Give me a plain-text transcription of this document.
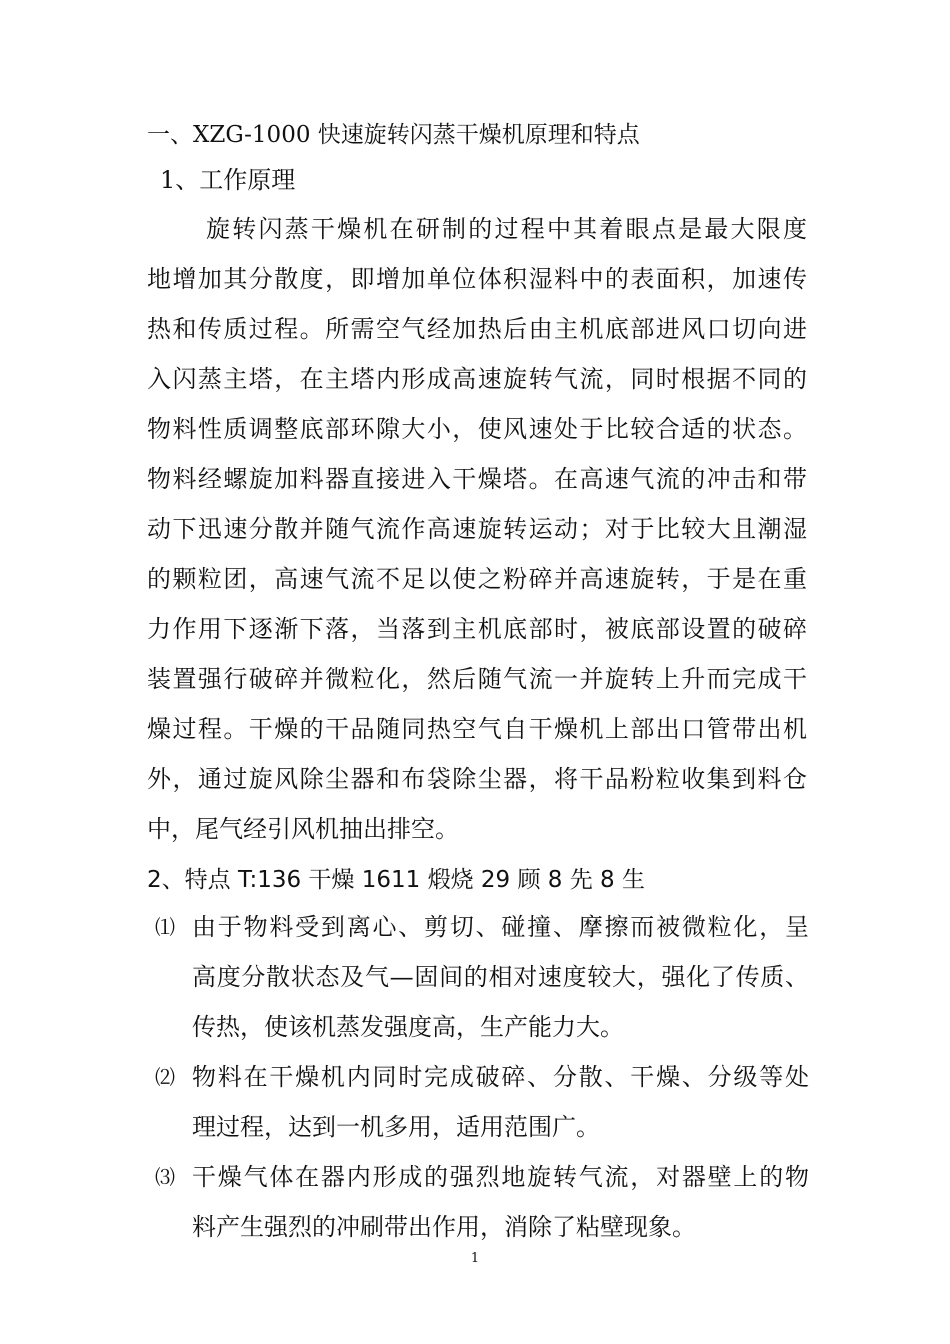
一、XZG-1000 快速旋转闪蒸干燥机原理和特点
1、工作原理
旋转闪蒸干燥机在研制的过程中其着眼点是最大限度
地增加其分散度，即增加单位体积湿料中的表面积，加速传
热和传质过程。所需空气经加热后由主机底部进风口切向进
入闪蒸主塔，在主塔内形成高速旋转气流，同时根据不同的
物料性质调整底部环隙大小，使风速处于比较合适的状态。
物料经螺旋加料器直接进入干燥塔。在高速气流的冲击和带
动下迅速分散并随气流作高速旋转运动；对于比较大且潮湿
的颗粒团，高速气流不足以使之粉碎并高速旋转，于是在重
力作用下逐渐下落，当落到主机底部时，被底部设置的破碎
装置强行破碎并微粒化，然后随气流一并旋转上升而完成干
燥过程。干燥的干品随同热空气自干燥机上部出口管带出机
外，通过旋风除尘器和布袋除尘器，将干品粉粒收集到料仓
中，尾气经引风机抽出排空。
2、特点 T:136 干燥 1611 煅烧 29 顾 8 先 8 生
⑴ 由于物料受到离心、剪切、碰撞、摩擦而被微粒化，呈
高度分散状态及气—固间的相对速度较大，强化了传质、
传热，使该机蒸发强度高，生产能力大。
⑵ 物料在干燥机内同时完成破碎、分散、干燥、分级等处
理过程，达到一机多用，适用范围广。
⑶ 干燥气体在器内形成的强烈地旋转气流，对器壁上的物
料产生强烈的冲刷带出作用，消除了粘壁现象。
1
